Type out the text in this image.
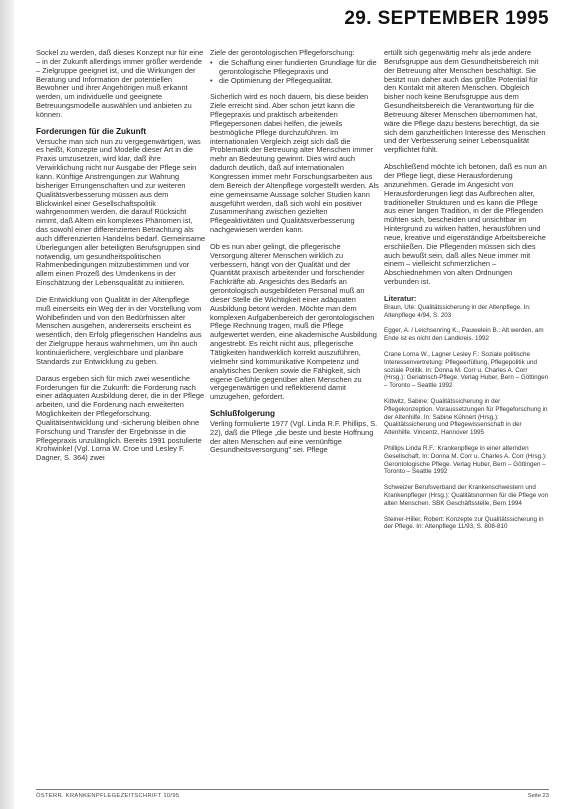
29. SEPTEMBER 1995

Sockel zu werden, daß dieses Konzept nur für eine – in der Zukunft allerdings immer größer werdende – Zielgruppe geeignet ist, und die Wirkungen der Beratung und Information der potentiellen Bewohner und ihrer Angehörigen muß erkannt werden, um individuelle und geeignete Betreuungsmodelle auswählen und anbieten zu können.

Forderungen für die Zukunft

Versuche man sich nun zu vergegenwärtigen, was es heißt, Konzepte und Modelle dieser Art in die Praxis umzusetzen, wird klar, daß ihre Verwirklichung nicht nur Ausgabe der Pflege sein kann. Künftige Anstrengungen zur Wahrung bisheriger Errungenschaften und zur weiteren Qualitätsverbesserung müssen aus dem Blickwinkel einer Gesellschaftspolitik wahrgenommen werden, die darauf Rücksicht nimmt, daß Altern ein komplexes Phänomen ist, das sowohl einer differenzierten Betrachtung als auch differenzierten Handelns bedarf. Gemeinsame Überlegungen aller beteiligten Berufsgruppen sind notwendig, um gesundheitspolitischen Rahmenbedingungen mitzubestimmen und vor allem einen Prozeß des Umdenkens in der Einschätzung der Lebensqualität zu initiieren.

Die Entwicklung von Qualität in der Altenpflege muß einerseits ein Weg der in der Vorstellung vom Wohlbefinden und von den Bedürfnissen alter Menschen ausgehen, andererseits erscheint es wesentlich, den Erfolg pflegerischen Handelns aus der Zielgruppe heraus wahrnehmen, um ihn auch kontinuierlichere, vergleichbare und planbare Standards zur Entwicklung zu geben.

Daraus ergeben sich für mich zwei wesentliche Forderungen für die Zukunft: die Forderung nach einer adäquaten Ausbildung derer, die in der Pflege arbeiten, und die Forderung nach erweiterten Möglichkeiten der Pflegeforschung. Qualitätsentwicklung und -sicherung bleiben ohne Forschung und Transfer der Ergebnisse in die Pflegepraxis unzulänglich. Bereits 1991 postulierte Krohwinkel (Vgl. Lorna W. Croe und Lesley F. Dagner, S. 364) zwei

Ziele der gerontologischen Pflegeforschung:

• die Schaffung einer fundierten Grundlage für die gerontologische Pflegepraxis und
• die Optimierung der Pflegequalität.

Sicherlich wird es noch dauern, bis diese beiden Ziele erreicht sind. Aber schon jetzt kann die Pflegepraxis und praktisch arbeitenden Pflegepersonen dabei helfen, die jeweils bestmögliche Pflege durchzuführen. Im internationalen Vergleich zeigt sich daß die Problematik der Betreuung alter Menschen immer mehr an Bedeutung gewinnt. Dies wird auch dadurch deutlich, daß auf internationalen Kongressen immer mehr Forschungsarbeiten aus dem Bereich der Altenpflege vorgestellt werden. Als eine gemeinsame Aussage solcher Studien kann ausgeführt werden, daß sich wohl ein positiver Zusammenhang zwischen gezielten Pflegeaktivitäten und Qualitätsverbesserung nachgewiesen werden kann.

Ob es nun aber gelingt, die pflegerische Versorgung älterer Menschen wirklich zu verbessern, hängt von der Qualität und der Quantität praxisch arbeitender und forschender Fachkräfte ab. Angesichts des Bedarfs an gerontologisch ausgebildeten Personal muß an dieser Stelle die Wichtigkeit einer adäquaten Ausbildung betont werden. Möchte man dem komplexen Aufgabenbereich der gerontologischen Pflege Rechnung tragen, muß die Pflege aufgewertet werden, eine akademische Ausbildung angestrebt. Es reicht nicht aus, pflegerische Tätigkeiten handwerklich korrekt auszuführen, vielmehr sind kommunikative Kompetenz und analytisches Denken sowie die Fähigkeit, sich eigene Gefühle gegenüber alten Menschen zu vergegenwärtigen und reflektierend damit umzugehen, gefordert.

Schlußfolgerung

Verling formulierte 1977 (Vgl. Linda R.F. Phillips, S. 22), daß die Pflege „die beste und beste Hoffnung der alten Menschen auf eine vernünftige Gesundheitsversorgung" sei. Pflege

ertüllt sich gegenwärtig mehr als jede andere Berufsgruppe aus dem Gesundheitsbereich mit der Betreuung alter Menschen beschäftigt. Sie besitzt nun daher auch das größte Potential für den Kontakt mit älteren Menschen. Obgleich bisher noch keine Berufsgruppe aus dem Gesundheitsbereich die Verantwortung für die Betreuung älterer Menschen übernommen hat, wäre die Pflege dazu bestens berechtigt, da sie sich dem ganzheitlichen Interesse des Menschen und der Verbesserung seiner Lebensqualität verpflichtet fühlt.

Abschließend möchte ich betonen, daß es nun an der Pflege liegt, diese Herausforderung anzunehmen. Gerade im Angesicht von Herausforderungen liegt das Aufbrechen alter, traditioneller Strukturen und es kann die Pflege aus einer langen Tradition, in der die Pflegenden mühten sich, bescheiden und unsichtbar im Hintergrund zu wirken hatten, herausführen und neue, kreative und eigenständige Arbeitsbereiche erschließen. Die Pflegenden müssen sich dies auch bewußt sein, daß alles Neue immer mit einem – vielleicht schmerzlichen – Abschiednehmen von alten Ordnungen verbunden ist.

Literatur:
Braun, Ute: Qualitätssicherung in der Altenpflege. In: Altenpflege 4/94, S. 203
Egger, A. / Leichsenring K., Pauwelein B.: Alt werden, am Ende ist es nicht den Landkreis. 1992
Crane Lorna W., Lagner Lesley F.: Soziale politische Interessenvertretung: Pflegeerfüllung, Pflegepolitik und soziale Politik. In: Donna M. Corr u. Charles A. Corr (Hrsg.): Geriatrisch-Pflege. Verlag Huber, Bern – Göttingen – Toronto – Seattle 1992
Kittwitz, Sabine: Qualitätssicherung in der Pflegekonzeption. Voraussetzungen für Pflegeforschung in der Altenhilfe. In: Sabine Kühnert (Hrsg.): Qualitätssicherung und Pflegewissenschaft in der Altenhilfe. Vincentz, Hannover 1995
Phillips Linda R.F.: Krankenpflege in einer alternden Gesellschaft. In: Donna M. Corr u. Charles A. Corr (Hrsg.): Gerontologische Pflege. Verlag Huber, Bern – Göttingen – Toronto – Seattle 1992
Schweizer Berufsverband der Krankenschwestern und Krankenpfleger (Hrsg.): Qualitätsnormen für die Pflege von alten Menschen. SBK Geschäftsstelle, Bern 1994
Steiner-Hiller, Robert: Konzepte zur Qualitätssicherung in der Pflege. In: Altenpflege 11/93, S. 808-810
ÖSTERR. KRANKENPFLEGEZEITSCHRIFT 10/95	Seite 23
